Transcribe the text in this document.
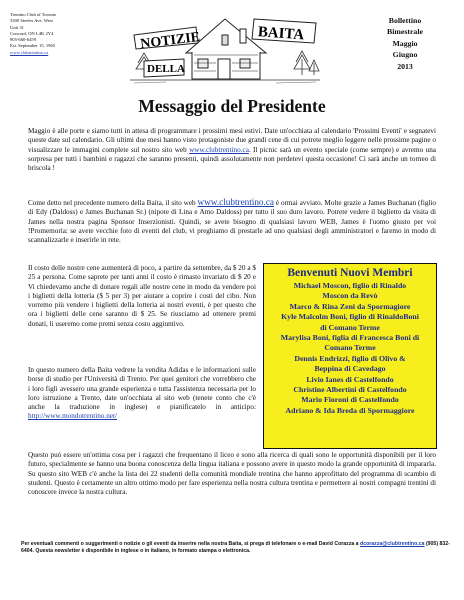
Trentino Club of Toronto
3300 Steeles Ave. West
Unit 31
Concord, ON L4K 2Y4
905-660-6459
Est. September 15, 1965
www.clubtrentino.ca
NOTIZIE
DELLA
BAITA
Bollettino
Bimestrale
Maggio
Giugno
2013
Messaggio del Presidente

Maggio è alle porte e siamo tutti in attesa di programmare i prossimi mesi estivi. Date un'occhiata al calendario 'Prossimi Eventi' e segnatevi queste date sul calendario. Gli ultimi due mesi hanno visto protagoniste due grandi cene di cui potrete meglio leggere nelle prossime pagine o visualizzare le immagini complete sul nostro sito web www.clubtrentino.ca. Il picnic sarà un evento speciale (come sempre) e avremo una sorpresa per tutti i bambini e ragazzi che saranno presenti, quindi assolutamente non perdetevi questa occasione! Ci sarà anche un torneo di briscola !

Come detto nel precedente numero della Baita, il sito web www.clubtrentino.ca è ormai avviato. Molte grazie a James Buchanan (figlio di Edy (Daldoss) e James Buchanan Sr.) (nipote di Lina e Amo Daldoss) per tutto il suo duro lavoro. Potrete vedere il biglietto da visita di James nella nostra pagina Sponsor Inserzionisti. Quindi, se avete bisogno di qualsiasi lavoro WEB, James è l'uomo giusto per voi !Promemoria: se avete vecchie foto di eventi del club, vi preghiamo di prestarle ad uno qualsiasi degli amministratori e faremo in modo di scannalizzarle e inserirle in rete.

Il costo delle nostre cene aumenterà di poco, a partire da settembre, da $ 20 a $ 25 a persona. Come saprete per tanti anni il costo è rimasto invariato di $ 20 e Vi chiedevamo anche di donare regali alle nostre cene in modo da vendere poi i biglietti della lotteria ($ 5 per 3) per aiutare a coprire i costi del cibo. Non vorremo più vendere i biglietti della lotteria ai nostri eventi, è per questo che ora i biglietti delle cene saranno di $ 25. Se riusciamo ad ottenere premi donati, li useremo come premi senza costo aggiuntivo.

Benvenuti Nuovi Membri
Michael Moscon, figlio di Rinaldo
Moscon da Revò
Marco & Rina Zeni da Spormagiore
Kyle Malcolm Boni, figlio di RinaldoBoni
di Comano Terme
Marylisa Boni, figlia di Francesca Boni di
Comano Terme
Dennis Endrizzi, figlio di Olivo &
Beppina di Cavedago
Livio Ianes di Castelfondo
Christine Albertini di Castelfondo
Mario Fioroni di Castelfondo
Adriano & Ida Breda di Spormaggiore

In questo numero della Baita vedrete la vendita Adidas e le informazioni sulle borse di studio per l'Università di Trento. Per quei genitori che vorrebbero che i loro figli avessero una grande esperienza e tutta l'assistenza necessaria per lo loro istruzione a Trento, date un'occhiata al sito web (tenete conto che c'è anche la traduzione in inglese) e pianificatelo in anticipo: http://www.mondotrentino.net/

Questo può essere un'ottima cosa per i ragazzi che frequentano il liceo e sono alla ricerca di quali sono le opportunità disponibili per il loro futuro, specialmente se hanno una buona conoscenza della lingua italiana e possono avere in questo modo la grande opportunità di impararla. Su questo sito WEB c'è anche la lista dei 22 studenti della comunità mondiale trentina che hanno approfittato del programma di scambio di studenti. Questo è certamente un altro ottimo modo per fare esperienza nella nostra cultura trentina e permettere ai nostri compagni trentini di conoscere invece la nostra cultura.

Per eventuali commenti o suggerimenti o notizie o gli eventi da inserire nella nostra Baita, si prega di telefonare o e-mail David Corazza a dcorazza@clubtrentino.ca (905) 832-6404. Questa newsletter è disponibile in inglese o in italiano, in formato stampa o elettronica.
